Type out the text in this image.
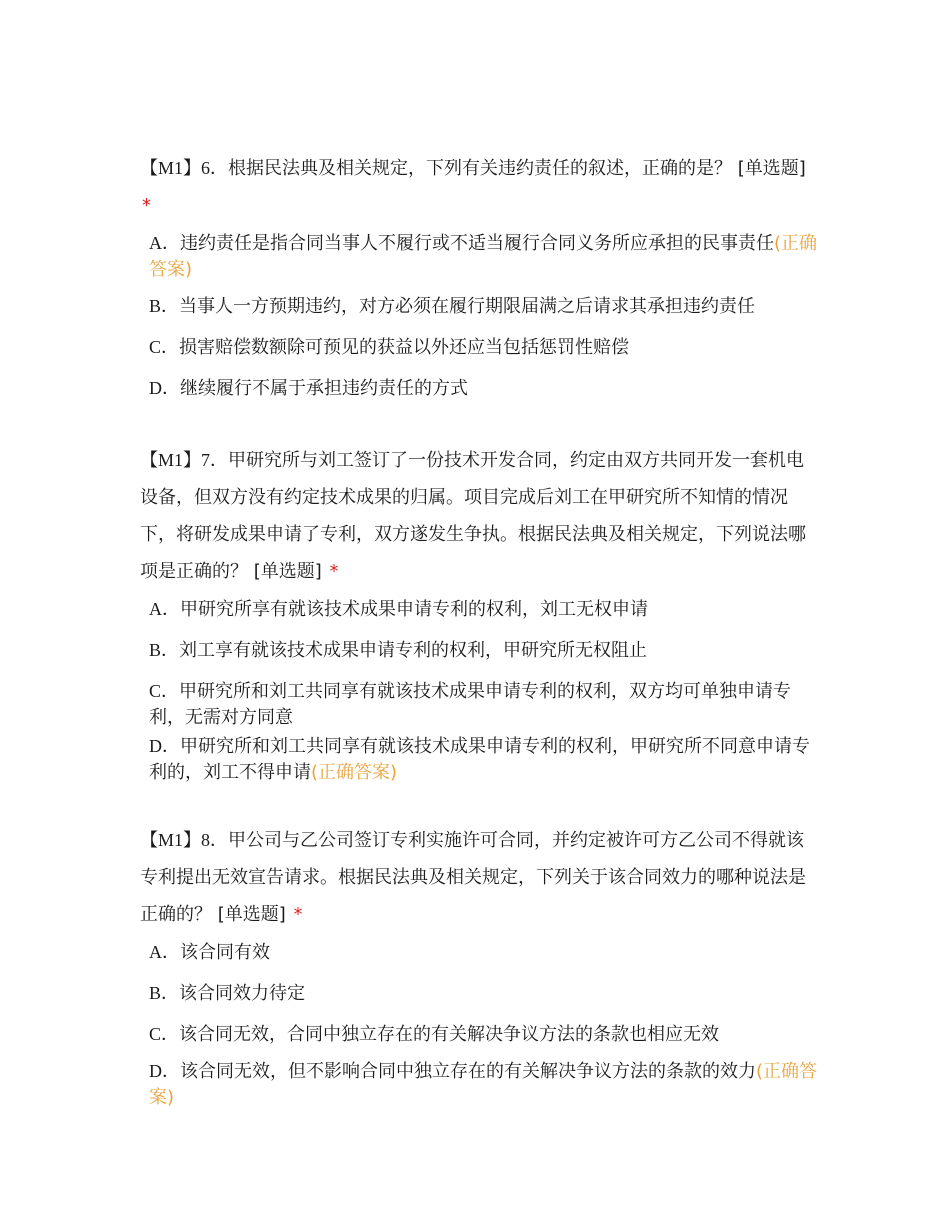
【M1】6．根据民法典及相关规定，下列有关违约责任的叙述，正确的是？ [单选题] *

A．违约责任是指合同当事人不履行或不适当履行合同义务所应承担的民事责任(正确答案)
B．当事人一方预期违约，对方必须在履行期限届满之后请求其承担违约责任
C．损害赔偿数额除可预见的获益以外还应当包括惩罚性赔偿
D．继续履行不属于承担违约责任的方式

【M1】7．甲研究所与刘工签订了一份技术开发合同，约定由双方共同开发一套机电设备，但双方没有约定技术成果的归属。项目完成后刘工在甲研究所不知情的情况下，将研发成果申请了专利，双方遂发生争执。根据民法典及相关规定，下列说法哪项是正确的？ [单选题] *

A．甲研究所享有就该技术成果申请专利的权利，刘工无权申请
B．刘工享有就该技术成果申请专利的权利，甲研究所无权阻止
C．甲研究所和刘工共同享有就该技术成果申请专利的权利，双方均可单独申请专利，无需对方同意
D．甲研究所和刘工共同享有就该技术成果申请专利的权利，甲研究所不同意申请专利的，刘工不得申请(正确答案)

【M1】8．甲公司与乙公司签订专利实施许可合同，并约定被许可方乙公司不得就该专利提出无效宣告请求。根据民法典及相关规定，下列关于该合同效力的哪种说法是正确的？ [单选题] *

A．该合同有效
B．该合同效力待定
C．该合同无效，合同中独立存在的有关解决争议方法的条款也相应无效
D．该合同无效，但不影响合同中独立存在的有关解决争议方法的条款的效力(正确答案)
